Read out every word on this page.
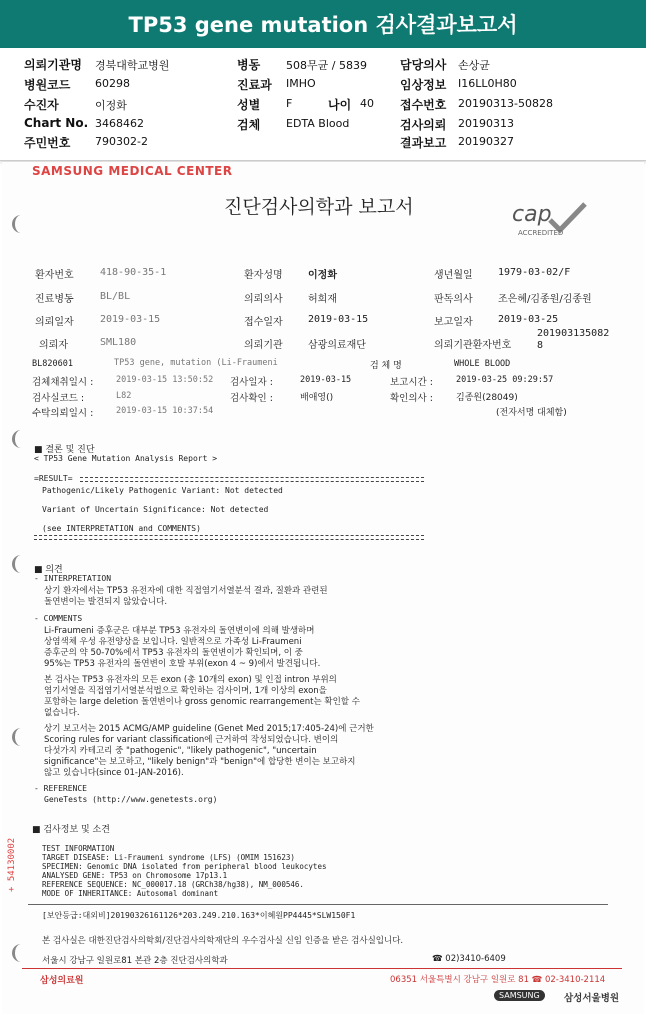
TP53 gene mutation 검사결과보고서
의뢰기관명 경북대학교병원
병원코드 60298
수진자	이정화
Chart No. 3468462
주민번호 790302-2
병동 508무균 / 5839
진료과 IMHO
성별 F	나이 40
검체 EDTA Blood
담당의사 손상균
임상정보 I16LL0H80
접수번호 20190313-50828
검사의뢰 20190313
결과보고 20190327
SAMSUNG MEDICAL CENTER
진단검사의학과 보고서	cap
ACCREDITED
환자번호	418-90-35-1	환자성명	이정화	생년월일	1979-03-02/F
진료병동	BL/BL	의뢰의사	허희재	판독의사	조은혜/김종원/김종원
의뢰일자	2019-03-15	접수일자	2019-03-15	보고일자	2019-03-25
의뢰자	SML180	의뢰기관	삼광의료재단	의뢰기관환자번호
201903135082
8
BL820601	TP53 gene, mutation (Li-Fraumeni	검 체 명	WHOLE BLOOD
검체채취일시 :	2019-03-15 13:50:52 검사일자 :	2019-03-15	보고시간 :	2019-03-25 09:29:57
검사실코드 :	L82	검사확인 :	배애영()	확인의사 :	김종원(28049)
수탁의뢰일시 :	2019-03-15 10:37:54	(전자서명 대체함)
■ 결론 및 진단
< TP53 Gene Mutation Analysis Report >
=RESULT=
Pathogenic/Likely Pathogenic Variant: Not detected
Variant of Uncertain Significance: Not detected
(see INTERPRETATION and COMMENTS)
■ 의견
- INTERPRETATION
상기 환자에서는 TP53 유전자에 대한 직접염기서열분석 결과, 질환과 관련된
돌연변이는 발견되지 않았습니다.
- COMMENTS
Li-Fraumeni 증후군은 대부분 TP53 유전자의 돌연변이에 의해 발생하며
상염색체 우성 유전양상을 보입니다. 일반적으로 가족성 Li-Fraumeni
증후군의 약 50-70%에서 TP53 유전자의 돌연변이가 확인되며, 이 중
95%는 TP53 유전자의 돌연변이 호발 부위(exon 4 ~ 9)에서 발견됩니다.
본 검사는 TP53 유전자의 모든 exon (총 10개의 exon) 및 인접 intron 부위의
염기서열을 직접염기서열분석법으로 확인하는 검사이며, 1개 이상의 exon을
포함하는 large deletion 돌연변이나 gross genomic rearrangement는 확인할 수
없습니다.
상기 보고서는 2015 ACMG/AMP guideline (Genet Med 2015;17:405-24)에 근거한
Scoring rules for variant classification에 근거하여 작성되었습니다. 변이의
다섯가지 카테고리 중 "pathogenic", "likely pathogenic", "uncertain
significance"는 보고하고, "likely benign"과 "benign"에 합당한 변이는 보고하지
않고 있습니다(since 01-JAN-2016).
- REFERENCE
GeneTests (http://www.genetests.org)
■ 검사정보 및 소견
TEST INFORMATION
TARGET DISEASE: Li-Fraumeni syndrome (LFS) (OMIM 151623)
SPECIMEN: Genomic DNA isolated from peripheral blood leukocytes
ANALYSED GENE: TP53 on Chromosome 17p13.1
REFERENCE SEQUENCE: NC_000017.18 (GRCh38/hg38), NM_000546.
MODE OF INHERITANCE: Autosomal dominant
+ 54130002
[보안등급:대외비]20190326161126*203.249.210.163*이혜원PP4445*SLW150F1
본 검사실은 대한진단검사의학회/진단검사의학재단의 우수검사실 신임 인증을 받은 검사실입니다.
서울시 강남구 일원로81 본관 2층 진단검사의학과	☎ 02)3410-6409
삼성의료원	06351 서울특별시 강남구 일원로 81 ☎ 02-3410-2114
SAMSUNG	삼성서울병원
